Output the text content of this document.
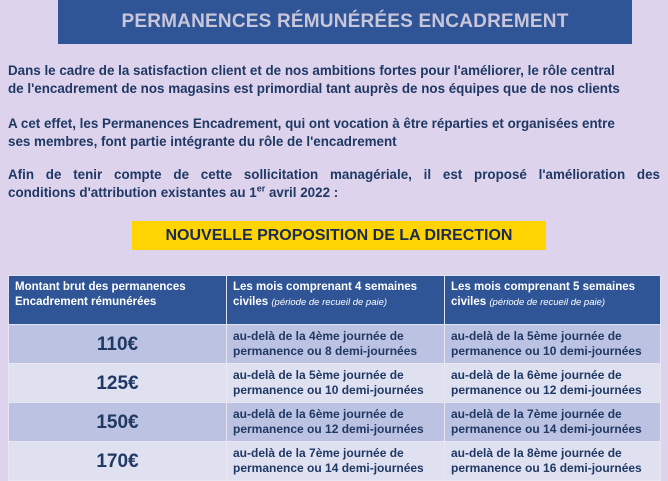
PERMANENCES RÉMUNÉRÉES ENCADREMENT
Dans le cadre de la satisfaction client et de nos ambitions fortes pour l'améliorer, le rôle central
de l'encadrement de nos magasins est primordial tant auprès de nos équipes que de nos clients
A cet effet, les Permanences Encadrement, qui ont vocation à être réparties et organisées entre
ses membres, font partie intégrante du rôle de l'encadrement
Afin de tenir compte de cette sollicitation managériale, il est proposé l'amélioration des
conditions d'attribution existantes au 1er avril 2022 :
NOUVELLE PROPOSITION DE LA DIRECTION
Montant brut des permanences Encadrement rémunérées	Les mois comprenant 4 semaines civiles (période de recueil de paie)	Les mois comprenant 5 semaines civiles (période de recueil de paie)
110€	au-delà de la 4ème journée de permanence ou 8 demi-journées	au-delà de la 5ème journée de permanence ou 10 demi-journées
125€	au-delà de la 5ème journée de permanence ou 10 demi-journées	au-delà de la 6ème journée de permanence ou 12 demi-journées
150€	au-delà de la 6ème journée de permanence ou 12 demi-journées	au-delà de la 7ème journée de permanence ou 14 demi-journées
170€	au-delà de la 7ème journée de permanence ou 14 demi-journées	au-delà de la 8ème journée de permanence ou 16 demi-journées
